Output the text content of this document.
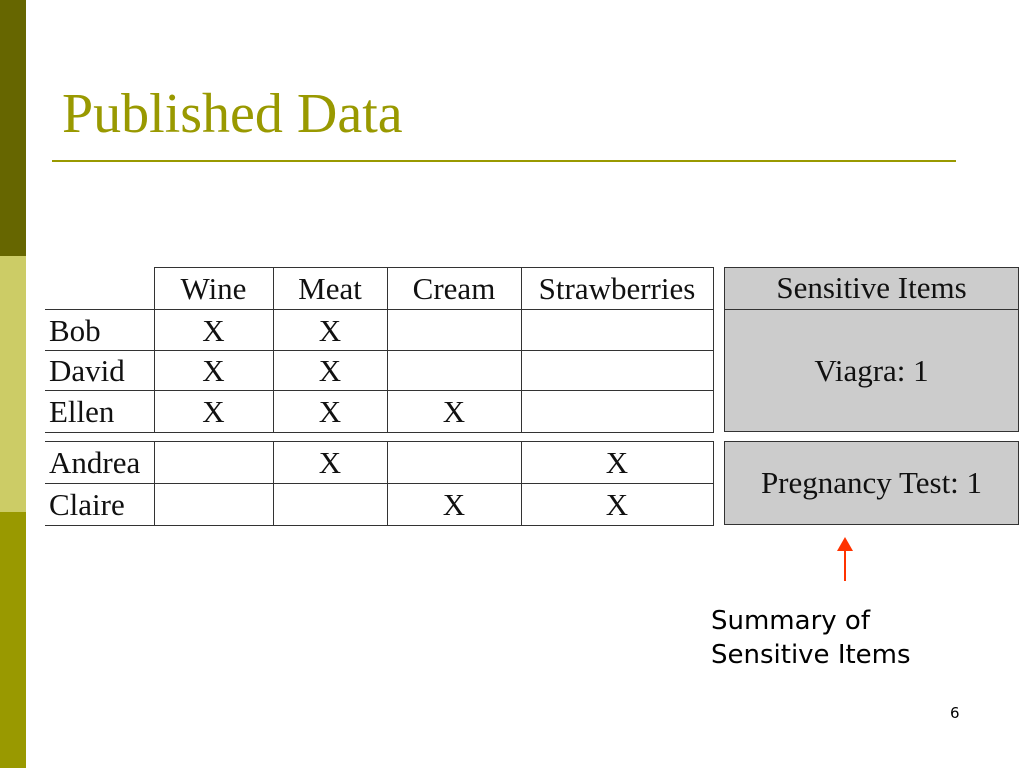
Published Data
	Wine	Meat	Cream	Strawberries
Bob	X	X		
David	X	X		
Ellen	X	X	X	
Andrea		X		X
Claire			X	X
Sensitive Items
Viagra: 1
Pregnancy Test: 1
Summary of
Sensitive Items
6
